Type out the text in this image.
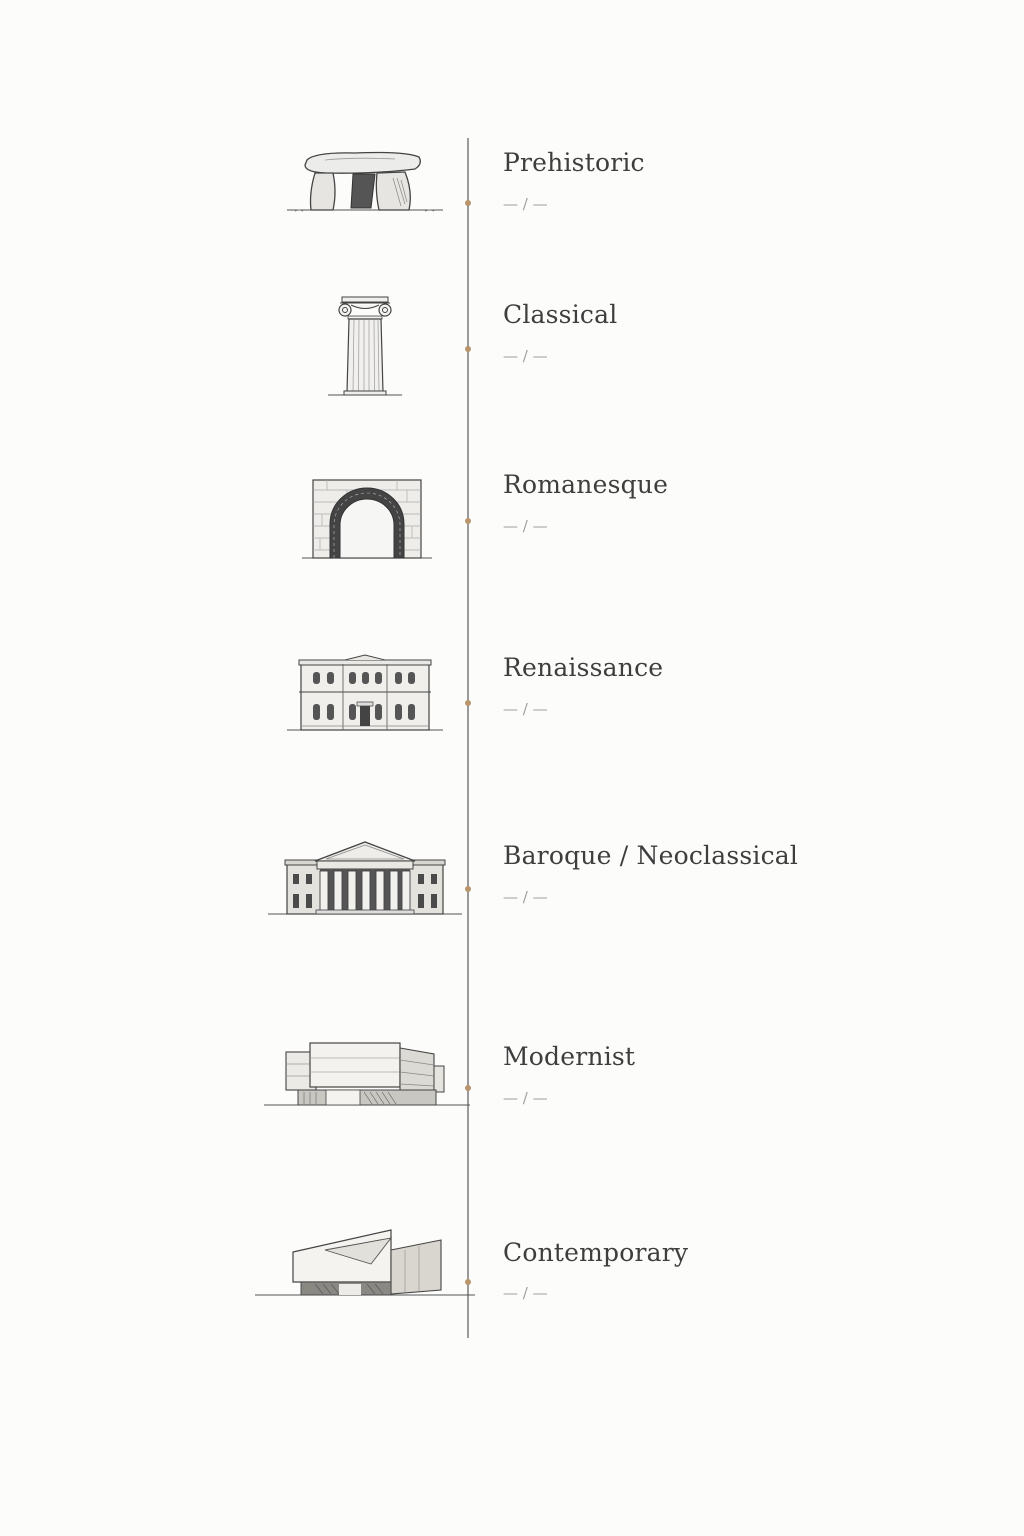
Prehistoric
— / —
Classical
— / —
Romanesque
— / —
Renaissance
— / —
Baroque / Neoclassical
— / —
Modernist
— / —
Contemporary
— / —
